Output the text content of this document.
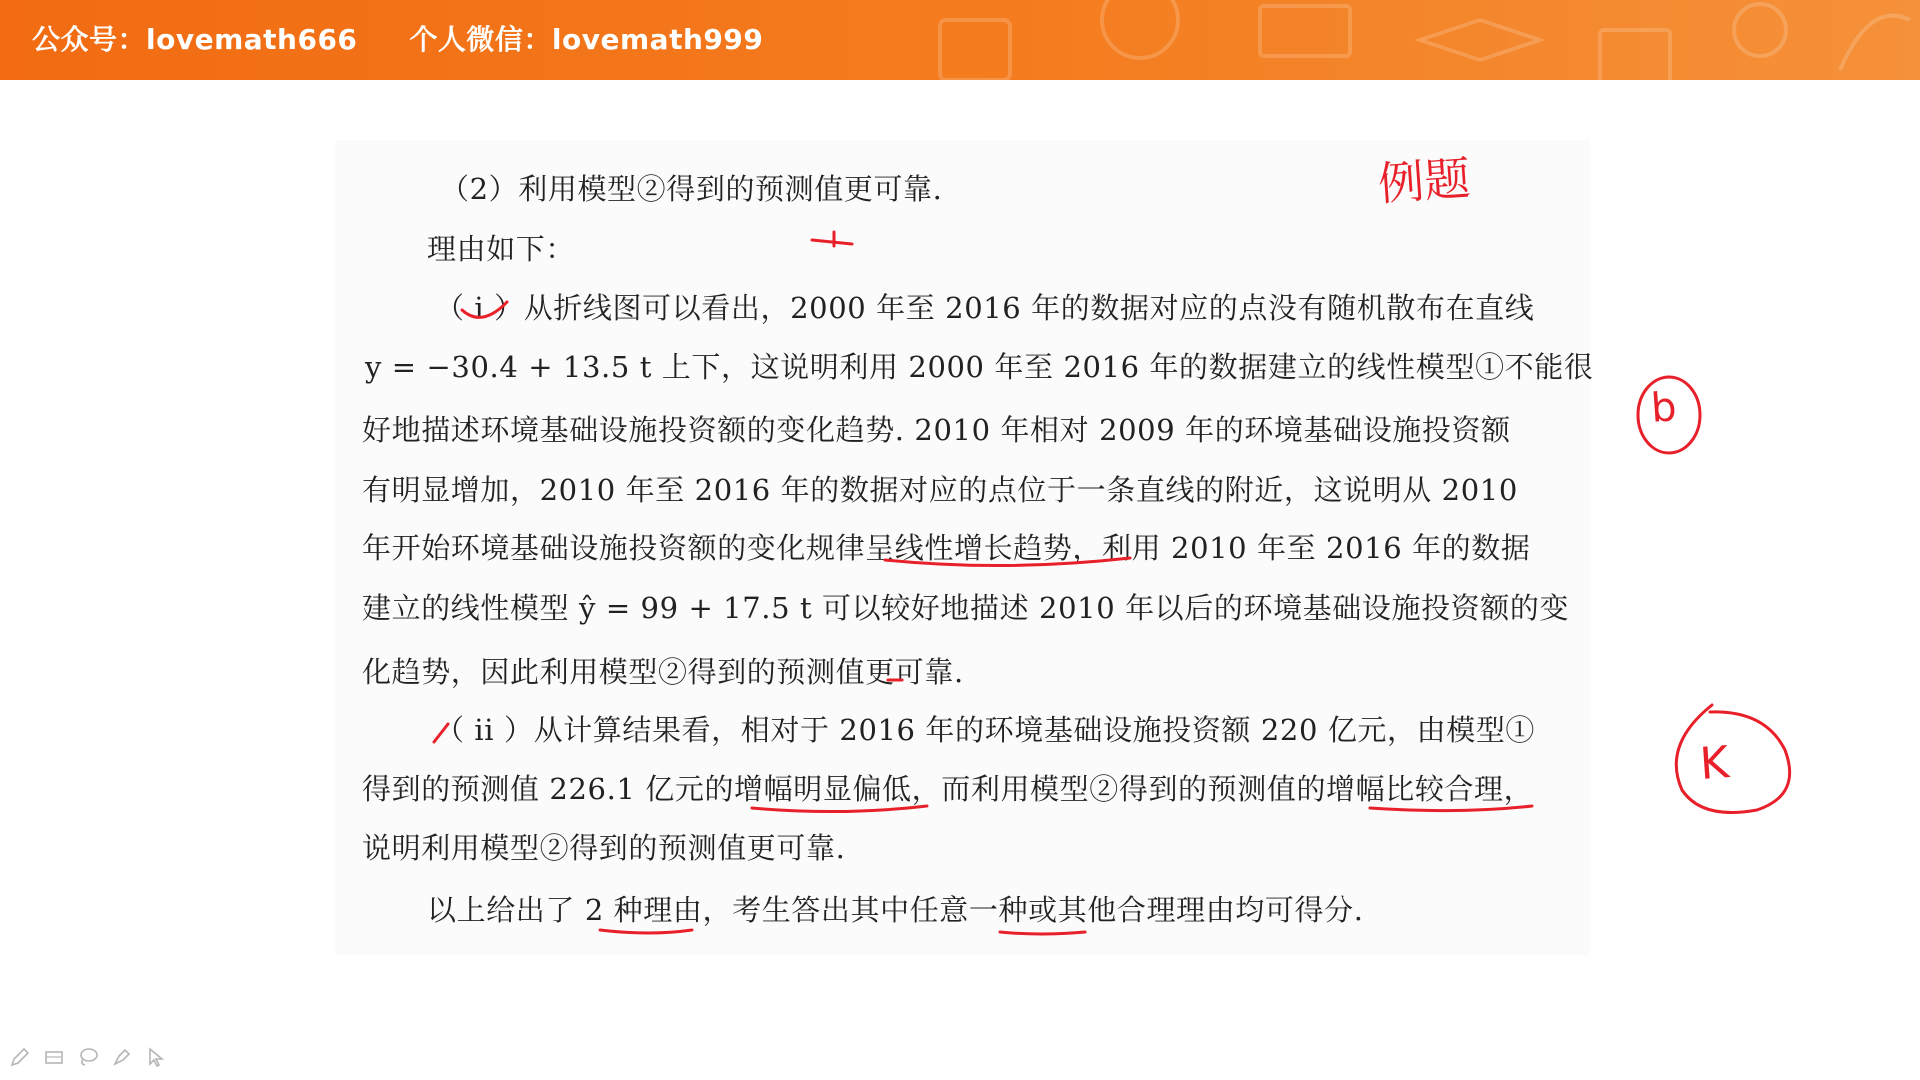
公众号：lovemath666 个人微信：lovemath999
（2）利用模型②得到的预测值更可靠.
理由如下：
（ i ）从折线图可以看出，2000 年至 2016 年的数据对应的点没有随机散布在直线
y = −30.4 + 13.5 t 上下，这说明利用 2000 年至 2016 年的数据建立的线性模型①不能很
好地描述环境基础设施投资额的变化趋势. 2010 年相对 2009 年的环境基础设施投资额
有明显增加，2010 年至 2016 年的数据对应的点位于一条直线的附近，这说明从 2010
年开始环境基础设施投资额的变化规律呈线性增长趋势，利用 2010 年至 2016 年的数据
建立的线性模型 ŷ = 99 + 17.5 t 可以较好地描述 2010 年以后的环境基础设施投资额的变
化趋势，因此利用模型②得到的预测值更可靠.
（ ii ）从计算结果看，相对于 2016 年的环境基础设施投资额 220 亿元，由模型①
得到的预测值 226.1 亿元的增幅明显偏低，而利用模型②得到的预测值的增幅比较合理，
说明利用模型②得到的预测值更可靠.
以上给出了 2 种理由，考生答出其中任意一种或其他合理理由均可得分.
例题
b
K
